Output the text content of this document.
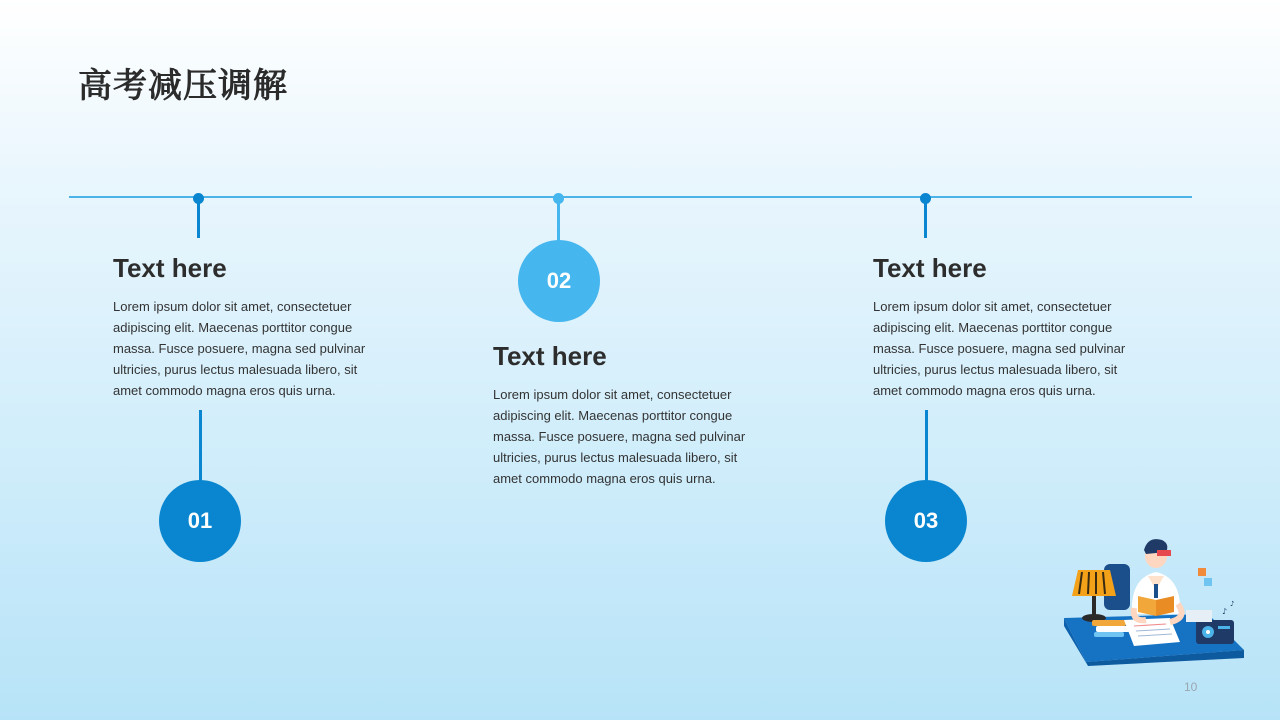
高考减压调解
Text here

Lorem ipsum dolor sit amet, consectetuer adipiscing elit. Maecenas porttitor congue massa. Fusce posuere, magna sed pulvinar ultricies, purus lectus malesuada libero, sit amet commodo magna eros quis urna.

01
02
Text here

Lorem ipsum dolor sit amet, consectetuer adipiscing elit. Maecenas porttitor congue massa. Fusce posuere, magna sed pulvinar ultricies, purus lectus malesuada libero, sit amet commodo magna eros quis urna.

Text here

Lorem ipsum dolor sit amet, consectetuer adipiscing elit. Maecenas porttitor congue massa. Fusce posuere, magna sed pulvinar ultricies, purus lectus malesuada libero, sit amet commodo magna eros quis urna.

03
♪
♪
10
